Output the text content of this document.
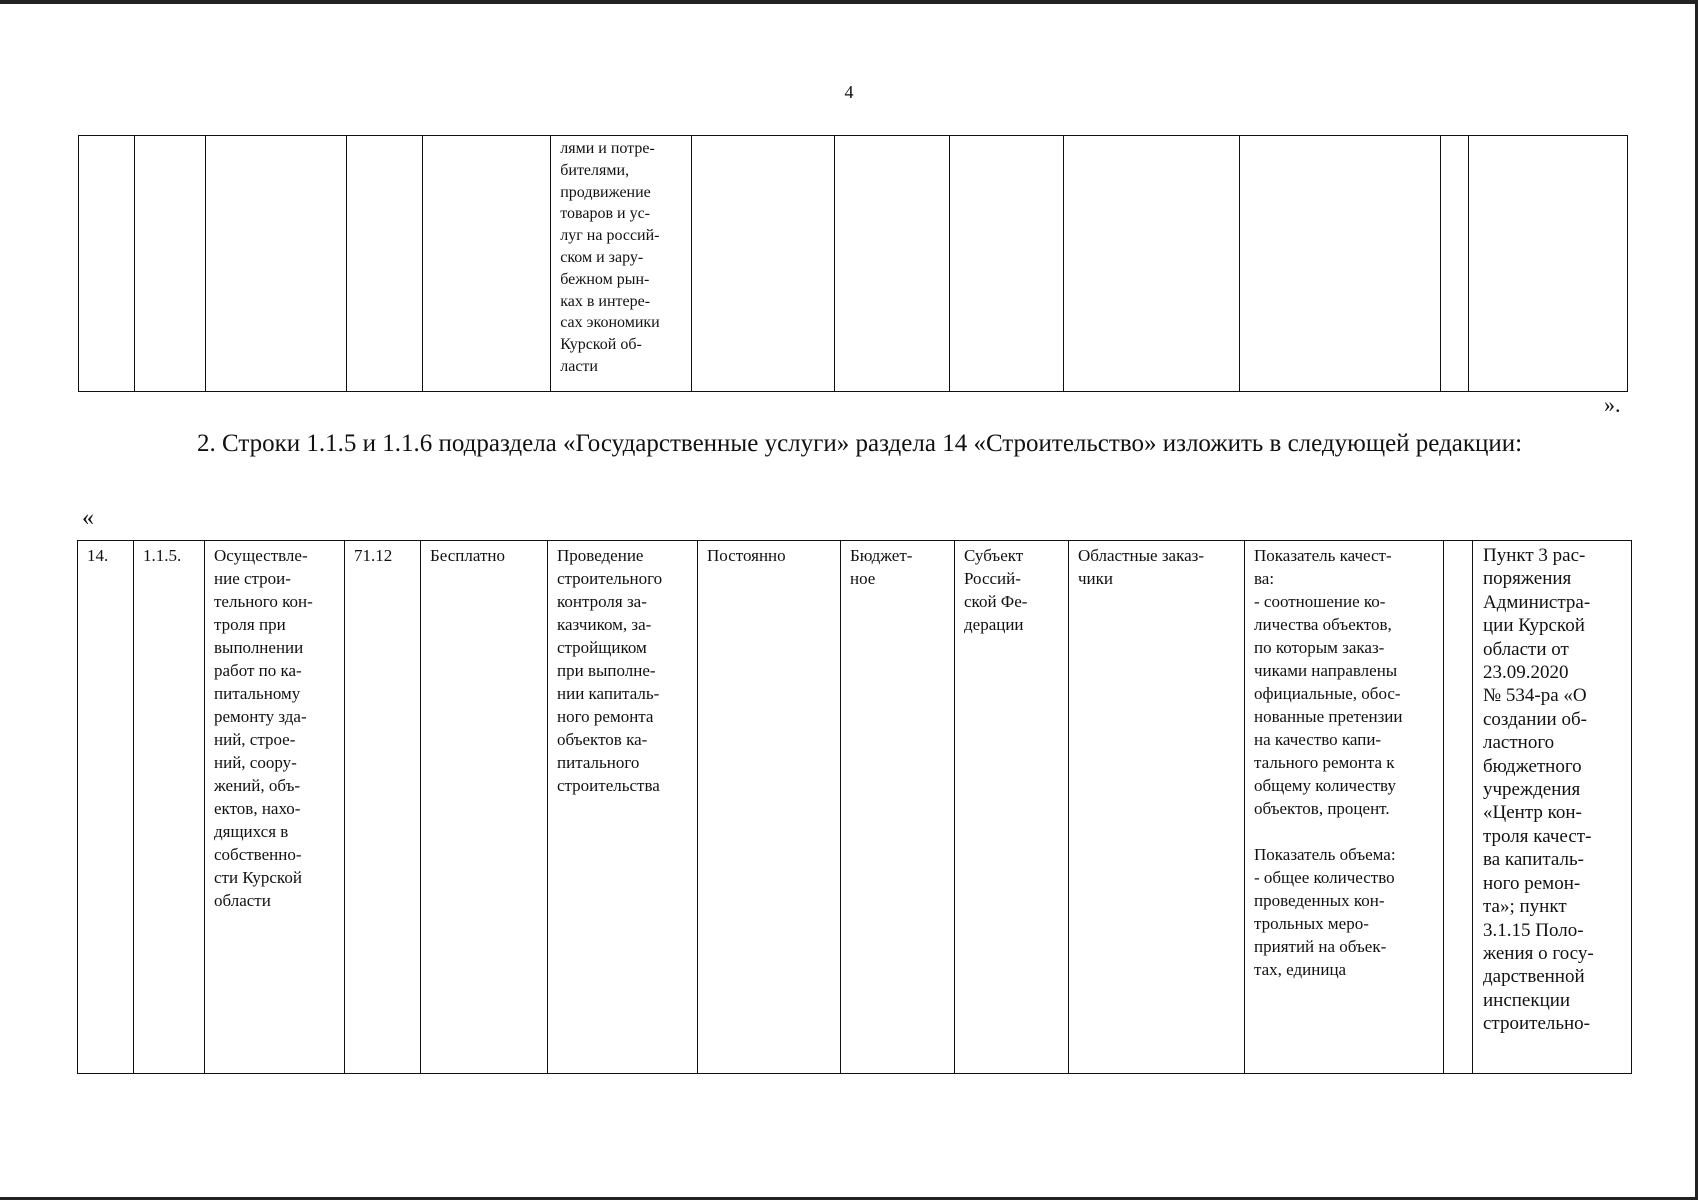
4
					лями и потре-
бителями,
продвижение
товаров и ус-
луг на россий-
ском и зару-
бежном рын-
ках в интере-
сах экономики
Курской об-
ласти							
».
2. Строки 1.1.5 и 1.1.6 подраздела «Государственные услуги» раздела 14 «Строительство» изложить в следующей редакции:
«
14.	1.1.5.	Осуществле-
ние строи-
тельного кон-
троля при
выполнении
работ по ка-
питальному
ремонту зда-
ний, строе-
ний, соору-
жений, объ-
ектов, нахо-
дящихся в
собственно-
сти Курской
области	71.12	Бесплатно	Проведение
строительного
контроля за-
казчиком, за-
стройщиком
при выполне-
нии капиталь-
ного ремонта
объектов ка-
питального
строительства	Постоянно	Бюджет-
ное	Субъект
Россий-
ской Фе-
дерации	Областные заказ-
чики	Показатель качест-
ва:
- соотношение ко-
личества объектов,
по которым заказ-
чиками направлены
официальные, обос-
нованные претензии
на качество капи-
тального ремонта к
общему количеству
объектов, процент.

Показатель объема:
- общее количество
проведенных кон-
трольных меро-
приятий на объек-
тах, единица		Пункт 3 рас-
поряжения
Администра-
ции Курской
области от
23.09.2020
№ 534-ра «О
создании об-
ластного
бюджетного
учреждения
«Центр кон-
троля качест-
ва капиталь-
ного ремон-
та»; пункт
3.1.15 Поло-
жения о госу-
дарственной
инспекции
строительно-
